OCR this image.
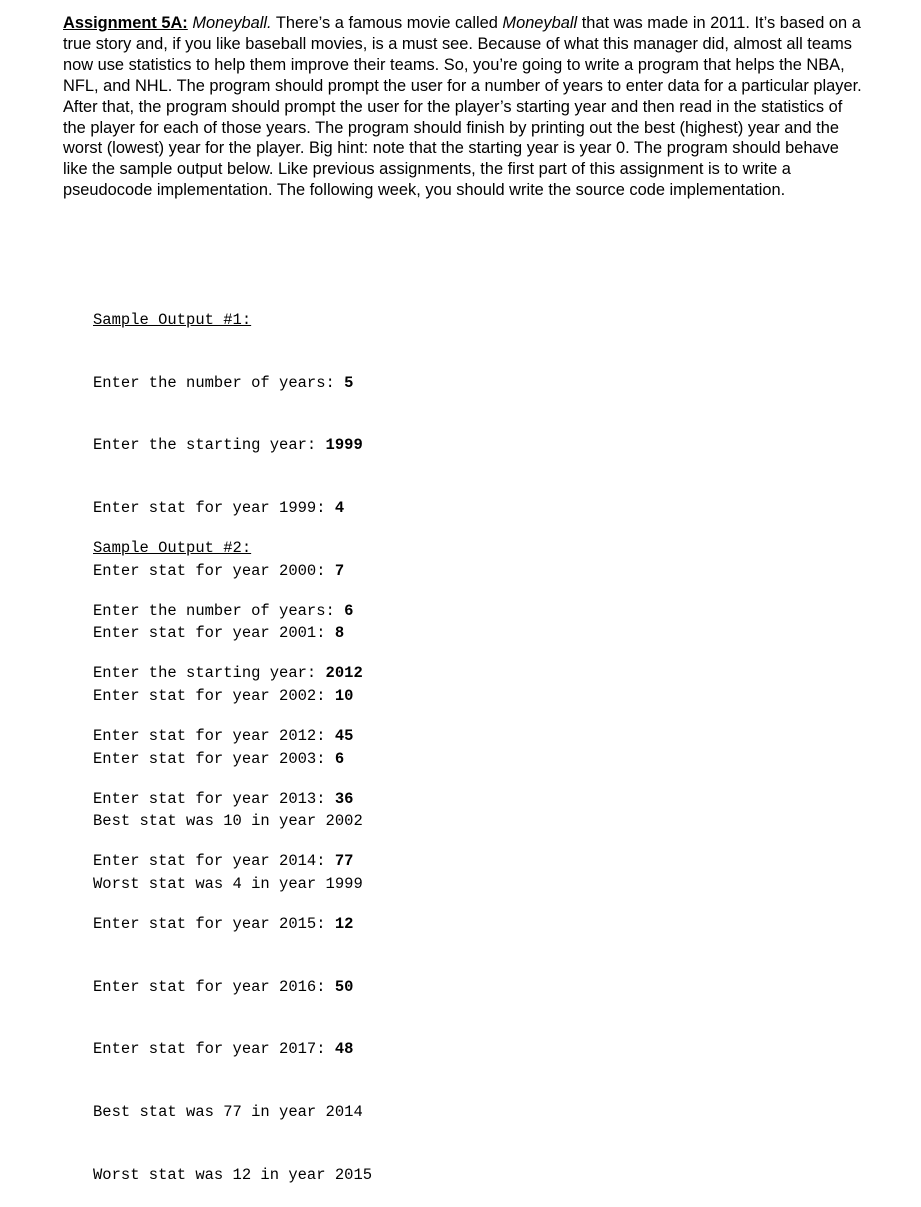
Assignment 5A: Moneyball. There’s a famous movie called Moneyball that was made in 2011. It’s based on a true story and, if you like baseball movies, is a must see. Because of what this manager did, almost all teams now use statistics to help them improve their teams. So, you’re going to write a program that helps the NBA, NFL, and NHL. The program should prompt the user for a number of years to enter data for a particular player. After that, the program should prompt the user for the player’s starting year and then read in the statistics of the player for each of those years. The program should finish by printing out the best (highest) year and the worst (lowest) year for the player. Big hint: note that the starting year is year 0. The program should behave like the sample output below. Like previous assignments, the first part of this assignment is to write a pseudocode implementation. The following week, you should write the source code implementation.

Sample Output #1:

Enter the number of years: 5

Enter the starting year: 1999

Enter stat for year 1999: 4

Enter stat for year 2000: 7

Enter stat for year 2001: 8

Enter stat for year 2002: 10

Enter stat for year 2003: 6

Best stat was 10 in year 2002

Worst stat was 4 in year 1999

Sample Output #2:

Enter the number of years: 6

Enter the starting year: 2012

Enter stat for year 2012: 45

Enter stat for year 2013: 36

Enter stat for year 2014: 77

Enter stat for year 2015: 12

Enter stat for year 2016: 50

Enter stat for year 2017: 48

Best stat was 77 in year 2014

Worst stat was 12 in year 2015
